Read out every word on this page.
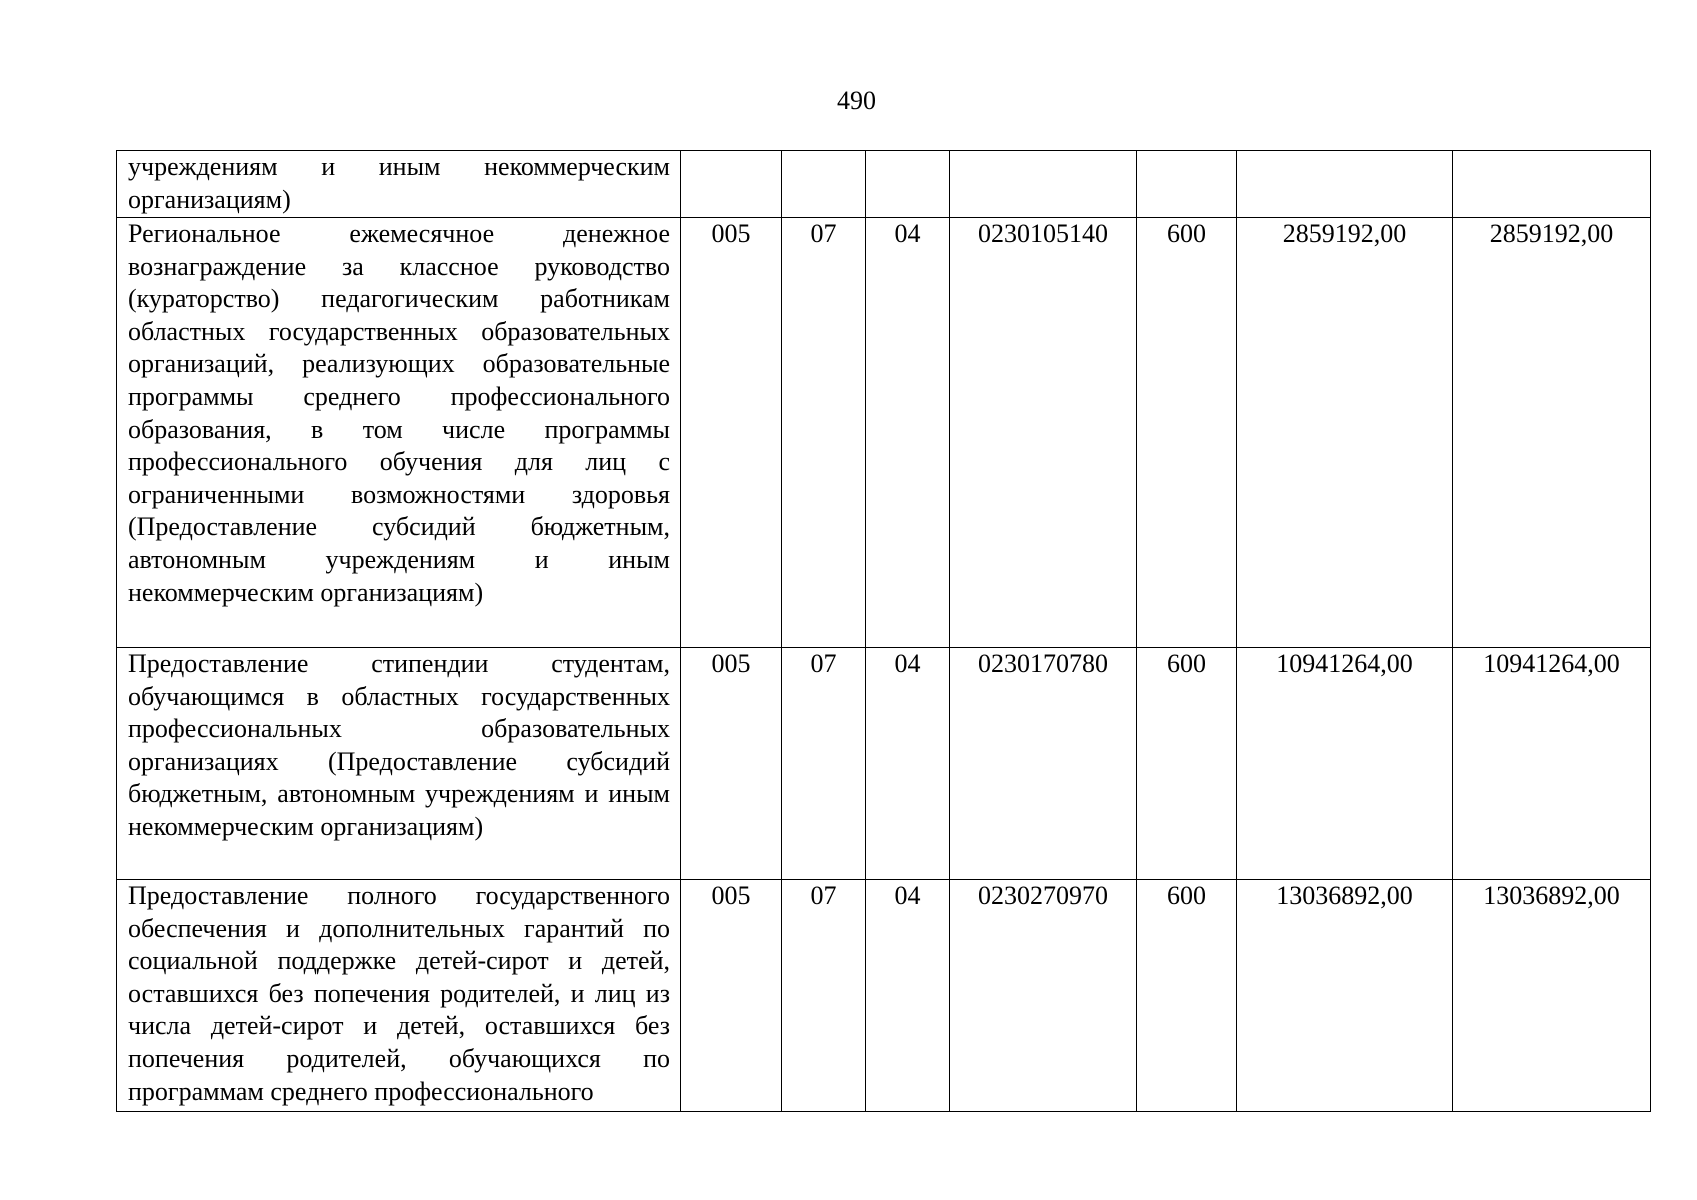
490
учреждениям и иным некоммерческим организациям)							
Региональное ежемесячное денежное вознаграждение за классное руководство (кураторство) педагогическим работникам областных государственных образовательных организаций, реализующих образовательные программы среднего профессионального образования, в том числе программы профессионального обучения для лиц с ограниченными возможностями здоровья (Предоставление субсидий бюджетным, автономным учреждениям и иным некоммерческим организациям)	005	07	04	0230105140	600	2859192,00	2859192,00
Предоставление стипендии студентам, обучающимся в областных государственных профессиональных образовательных организациях (Предоставление субсидий бюджетным, автономным учреждениям и иным некоммерческим организациям)	005	07	04	0230170780	600	10941264,00	10941264,00
Предоставление полного государственного обеспечения и дополнительных гарантий по социальной поддержке детей-сирот и детей, оставшихся без попечения родителей, и лиц из числа детей-сирот и детей, оставшихся без попечения родителей, обучающихся по программам среднего профессионального	005	07	04	0230270970	600	13036892,00	13036892,00
